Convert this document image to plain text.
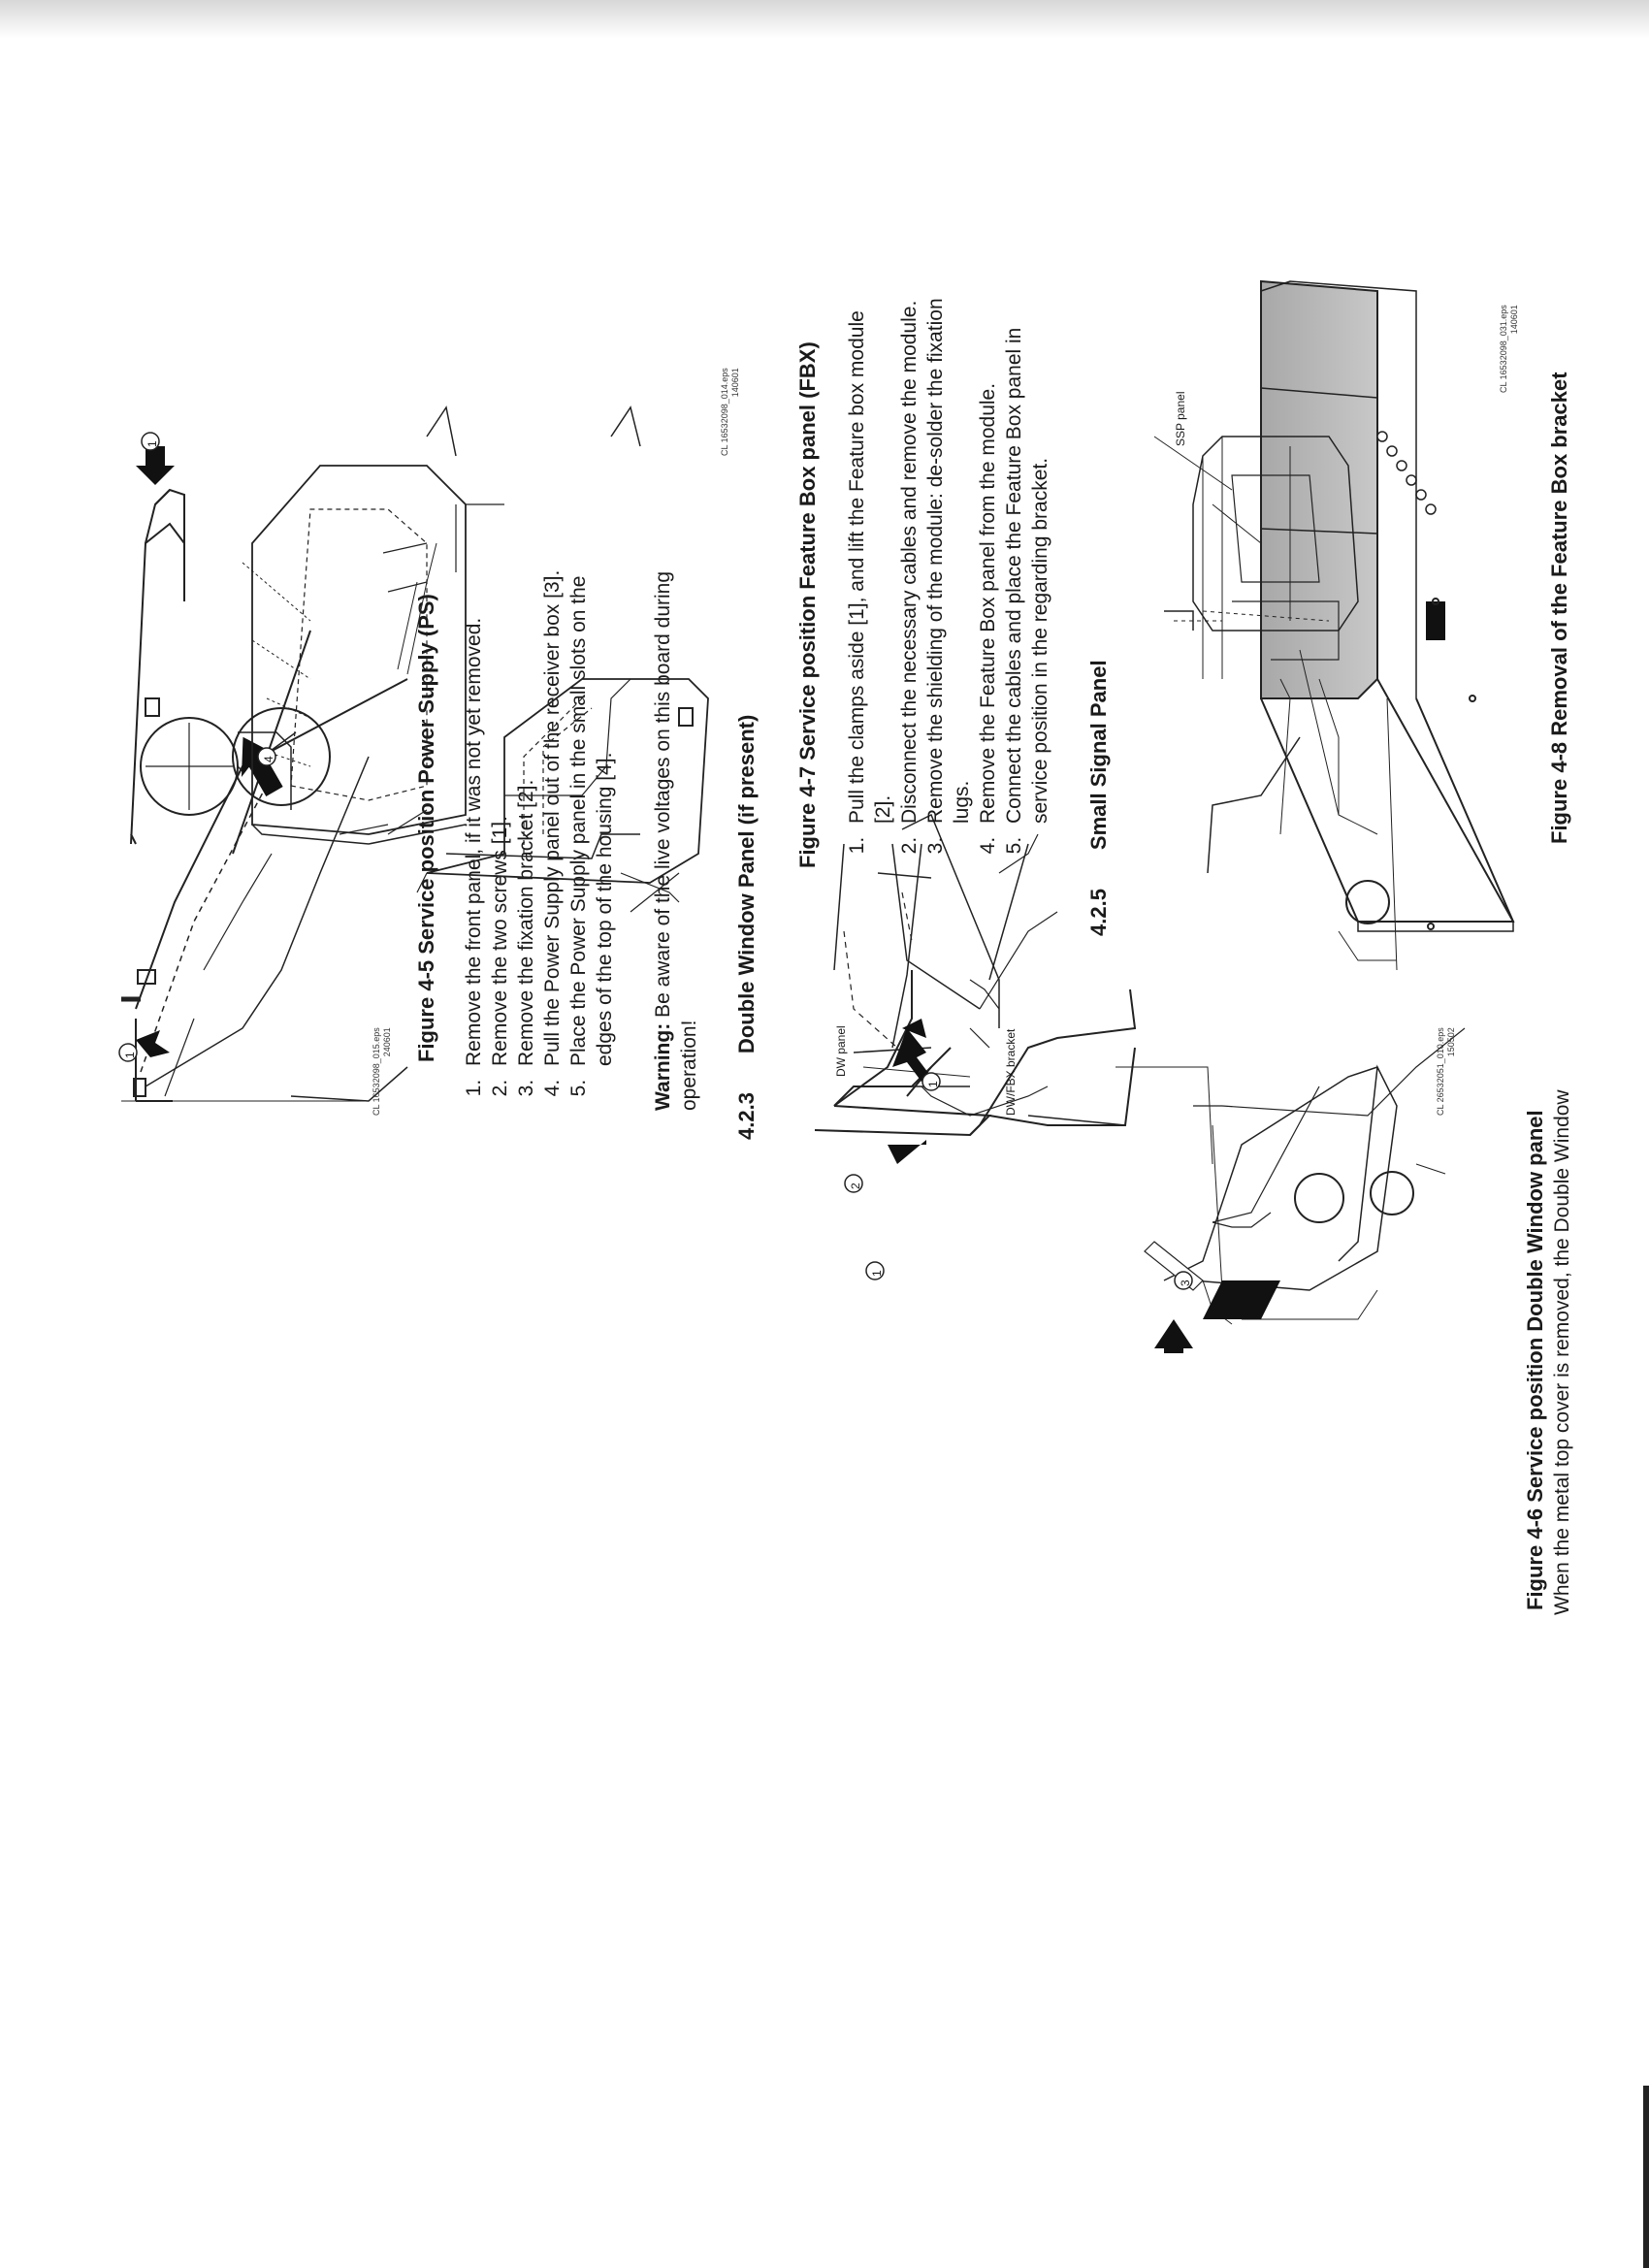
1
4
CL 16532098_015.eps 240601 Figure 4-5 Service position Power Supply (PS) 1. Remove the front panel, if it was not yet removed. 2. Remove the two screws [1]. 3. Remove the fixation bracket [2]. 4. Pull the Power Supply panel out of the receiver box [3]. 5. Place the Power Supply panel in the small slots on the edges of the top of the housing [4].
Warning: Be aware of the live voltages on this board during
operation!
4.2.3Double Window Panel (if present)
2
1
1
3
DW panel	DW/FBX bracket	CL 26532051_010.eps 150502
Figure 4-6 Service position Double Window panel When the metal top cover is removed, the Double Window
1	CL 16532098_014.eps 140601	Figure 4-7 Service position Feature Box panel (FBX) 1. Pull the clamps aside [1], and lift the Feature box module [2]. 2. Disconnect the necessary cables and remove the module. 3. Remove the shielding of the module: de-solder the fixation lugs. 4. Remove the Feature Box panel from the module. 5. Connect the cables and place the Feature Box panel in service position in the regarding bracket.
4.2.5Small Signal Panel
SSP panel
CL 16532098_031.eps 140601
Figure 4-8 Removal of the Feature Box bracket
